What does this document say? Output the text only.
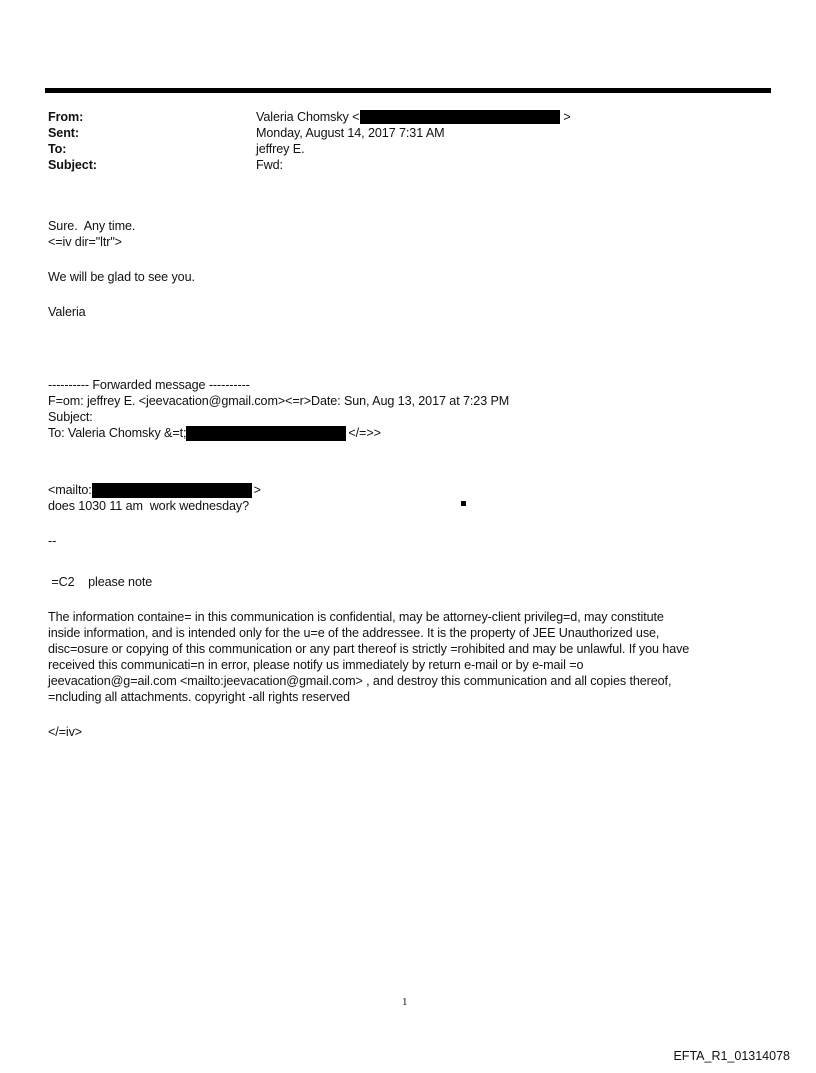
From:	Valeria Chomsky <	>
Sent:	Monday, August 14, 2017 7:31 AM
To:	jeffrey E.
Subject:	Fwd:
Sure.  Any time.
<=iv dir="ltr">
We will be glad to see you.
Valeria
---------- Forwarded message ----------
F=om: jeffrey E. <jeevacation@gmail.com><=r>Date: Sun, Aug 13, 2017 at 7:23 PM
Subject:
To: Valeria Chomsky &=t;	</=>>
<mailto:	>
does 1030 11 am  work wednesday?
--
=C2    please note
The information containe= in this communication is confidential, may be attorney-client privileg=d, may constitute
inside information, and is intended only for the u=e of the addressee. It is the property of JEE Unauthorized use,
disc=osure or copying of this communication or any part thereof is strictly =rohibited and may be unlawful. If you have
received this communicati=n in error, please notify us immediately by return e-mail or by e-mail =o
jeevacation@g=ail.com <mailto:jeevacation@gmail.com> , and destroy this communication and all copies thereof,
=ncluding all attachments. copyright -all rights reserved
</=iv>
1
EFTA_R1_01314078
